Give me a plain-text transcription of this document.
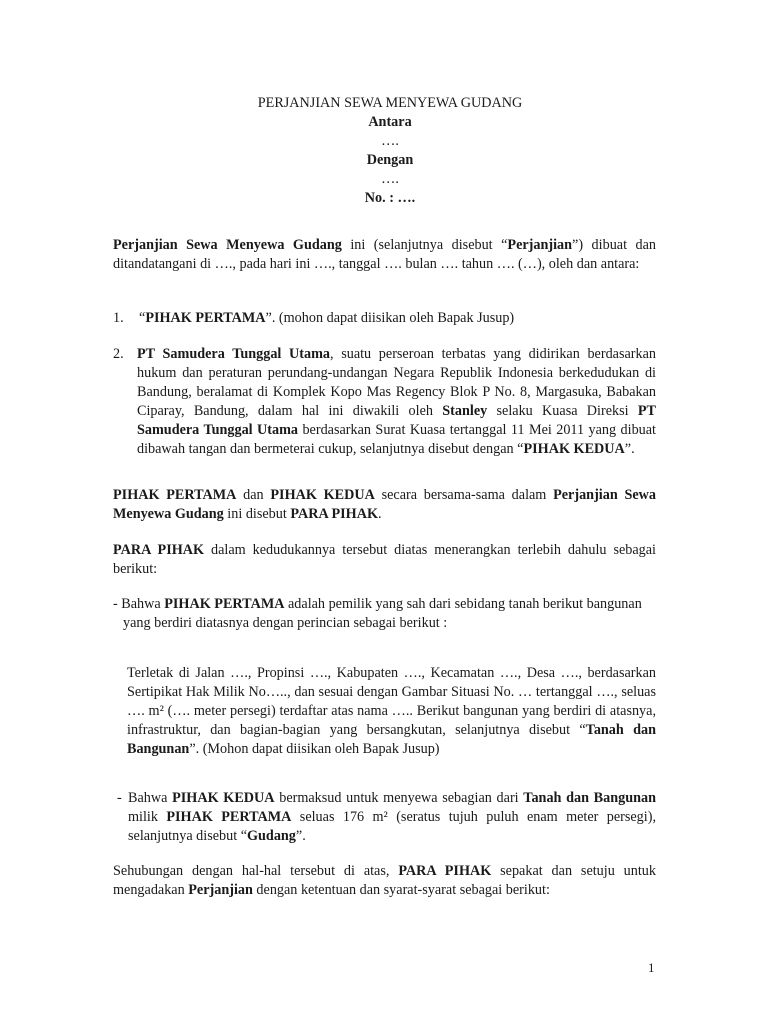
PERJANJIAN SEWA MENYEWA GUDANG
Antara
….
Dengan
….
No. : ….
Perjanjian Sewa Menyewa Gudang ini (selanjutnya disebut “Perjanjian”) dibuat dan ditandatangani di …., pada hari ini …., tanggal …. bulan …. tahun …. (…), oleh dan antara:
1. “PIHAK PERTAMA”. (mohon dapat diisikan oleh Bapak Jusup)
2. PT Samudera Tunggal Utama, suatu perseroan terbatas yang didirikan berdasarkan hukum dan peraturan perundang-undangan Negara Republik Indonesia berkedudukan di Bandung, beralamat di Komplek Kopo Mas Regency Blok P No. 8, Margasuka, Babakan Ciparay, Bandung, dalam hal ini diwakili oleh Stanley selaku Kuasa Direksi PT Samudera Tunggal Utama berdasarkan Surat Kuasa tertanggal 11 Mei 2011 yang dibuat dibawah tangan dan bermeterai cukup, selanjutnya disebut dengan “PIHAK KEDUA”.
PIHAK PERTAMA dan PIHAK KEDUA secara bersama-sama dalam Perjanjian Sewa Menyewa Gudang ini disebut PARA PIHAK.
PARA PIHAK dalam kedudukannya tersebut diatas menerangkan terlebih dahulu sebagai berikut:
- Bahwa PIHAK PERTAMA adalah pemilik yang sah dari sebidang tanah berikut bangunan
yang berdiri diatasnya dengan perincian sebagai berikut :
Terletak di Jalan …., Propinsi …., Kabupaten …., Kecamatan …., Desa …., berdasarkan Sertipikat Hak Milik No….., dan sesuai dengan Gambar Situasi No. … tertanggal …., seluas …. m² (…. meter persegi) terdaftar atas nama ….. Berikut bangunan yang berdiri di atasnya, infrastruktur, dan bagian-bagian yang bersangkutan, selanjutnya disebut “Tanah dan Bangunan”. (Mohon dapat diisikan oleh Bapak Jusup)
- Bahwa PIHAK KEDUA bermaksud untuk menyewa sebagian dari Tanah dan Bangunan milik PIHAK PERTAMA seluas 176 m² (seratus tujuh puluh enam meter persegi), selanjutnya disebut “Gudang”.
Sehubungan dengan hal-hal tersebut di atas, PARA PIHAK sepakat dan setuju untuk mengadakan Perjanjian dengan ketentuan dan syarat-syarat sebagai berikut:
1
